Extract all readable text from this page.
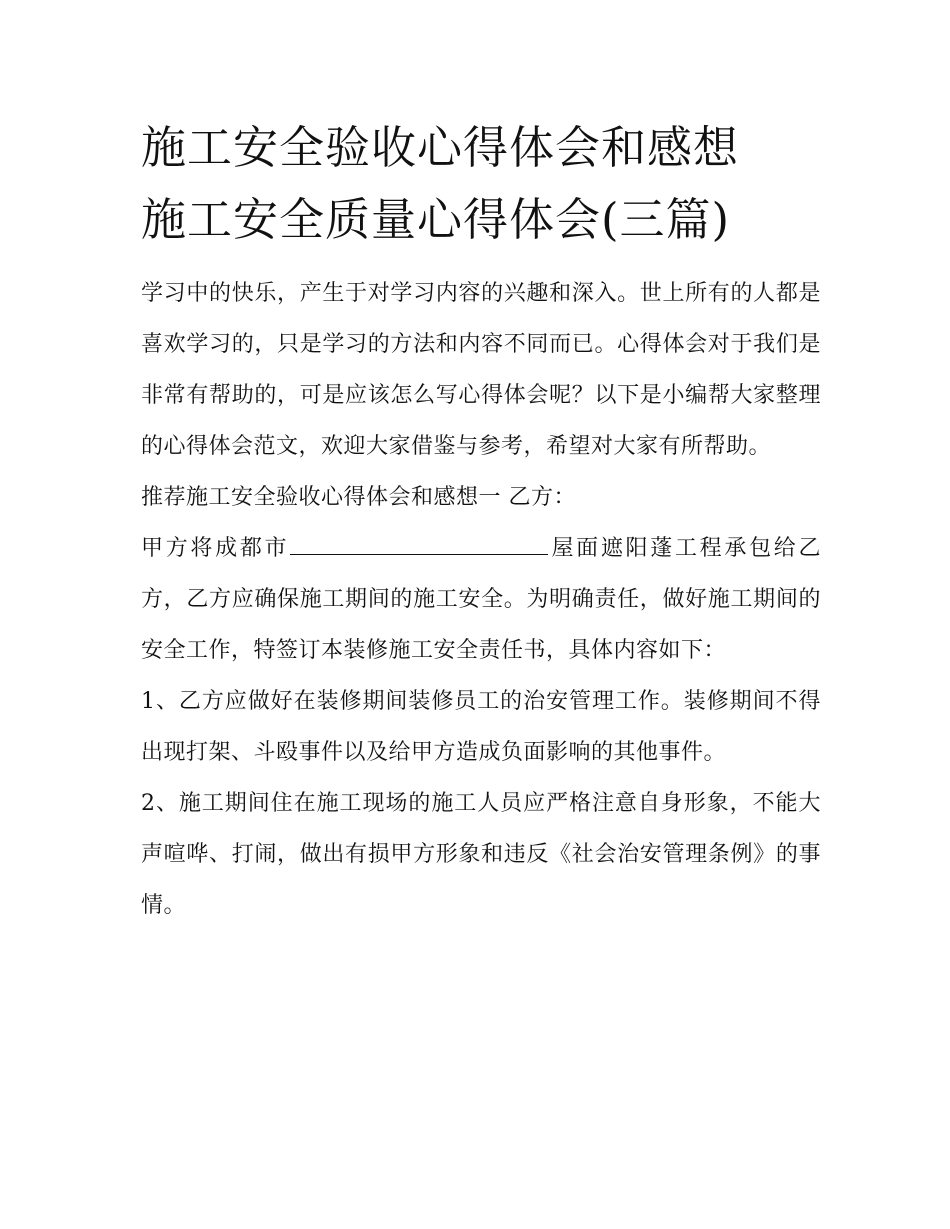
施工安全验收心得体会和感想
施工安全质量心得体会(三篇)

学习中的快乐，产生于对学习内容的兴趣和深入。世上所有的人都是喜欢学习的，只是学习的方法和内容不同而已。心得体会对于我们是非常有帮助的，可是应该怎么写心得体会呢？以下是小编帮大家整理的心得体会范文，欢迎大家借鉴与参考，希望对大家有所帮助。

推荐施工安全验收心得体会和感想一 乙方：

甲方将成都市	屋面遮阳蓬工程承包给乙方，乙方应确保施工期间的施工安全。为明确责任，做好施工期间的安全工作，特签订本装修施工安全责任书，具体内容如下：

1、乙方应做好在装修期间装修员工的治安管理工作。装修期间不得出现打架、斗殴事件以及给甲方造成负面影响的其他事件。

2、施工期间住在施工现场的施工人员应严格注意自身形象，不能大声喧哗、打闹，做出有损甲方形象和违反《社会治安管理条例》的事情。
